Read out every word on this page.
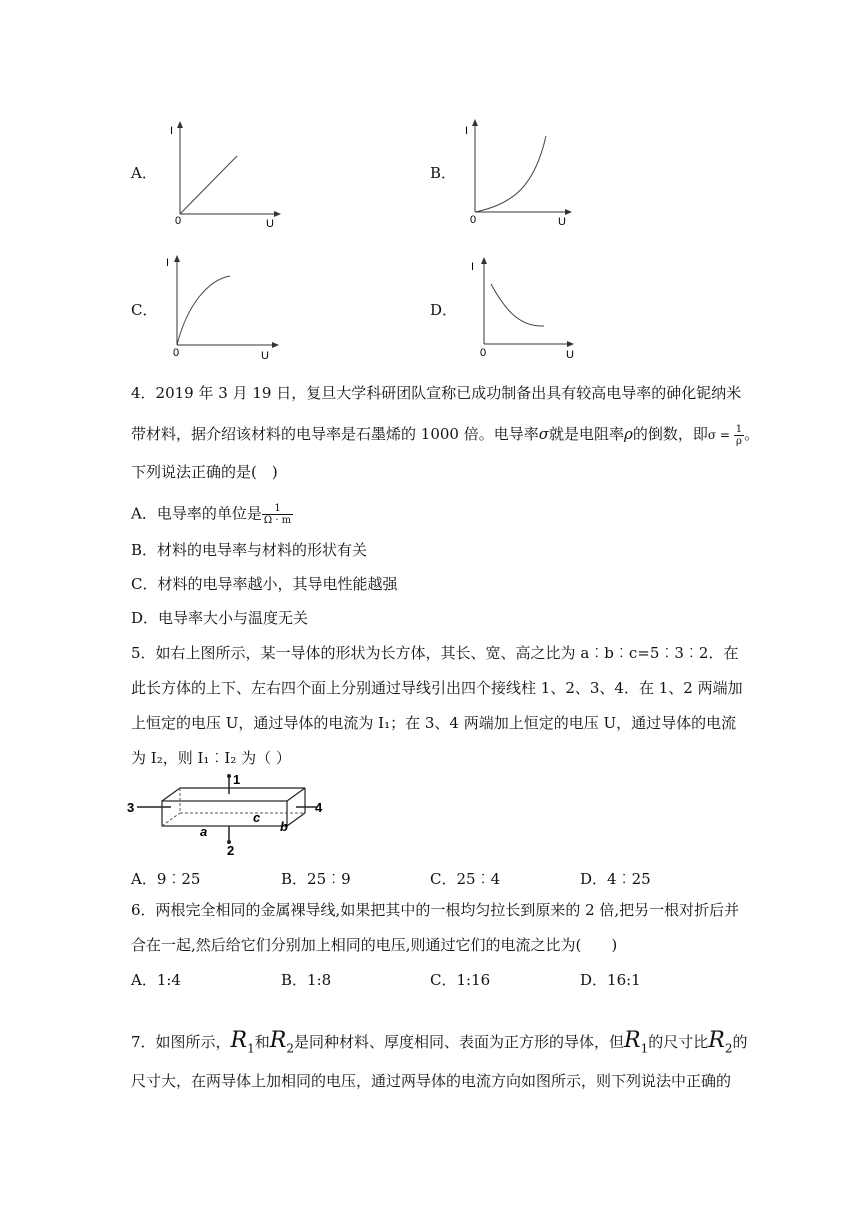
A．
I
0	U
B．
I
0	U
C．
I
0	U
D．
I
0	U
4．2019 年 3 月 19 日，复旦大学科研团队宣称已成功制备出具有较高电导率的砷化铌纳米
带材料，据介绍该材料的电导率是石墨烯的 1000 倍。电导率σ就是电阻率ρ的倒数，即$\sigma = \frac{1}{\rho}$ 。
下列说法正确的是(　)
A．电导率的单位是 $\frac{1}{\Omega \cdot m}$
B．材料的电导率与材料的形状有关
C．材料的电导率越小，其导电性能越强
D．电导率大小与温度无关
5．如右上图所示，某一导体的形状为长方体，其长、宽、高之比为 a︰b︰c=5︰3︰2．在
此长方体的上下、左右四个面上分别通过导线引出四个接线柱 1、2、3、4．在 1、2 两端加
上恒定的电压 U，通过导体的电流为 I₁；在 3、4 两端加上恒定的电压 U，通过导体的电流
为 I₂，则 I₁︰I₂ 为（ ）
1
2
3	4
a	b
c
A．9︰25	B．25︰9	C．25︰4	D．4︰25
6．两根完全相同的金属裸导线,如果把其中的一根均匀拉长到原来的 2 倍,把另一根对折后并
合在一起,然后给它们分别加上相同的电压,则通过它们的电流之比为(　　)
A．1:4	B．1:8	C．1:16	D．16:1
7．如图所示，$R_1$和$R_2$是同种材料、厚度相同、表面为正方形的导体，但$R_1$的尺寸比$R_2$的
尺寸大，在两导体上加相同的电压，通过两导体的电流方向如图所示，则下列说法中正确的
